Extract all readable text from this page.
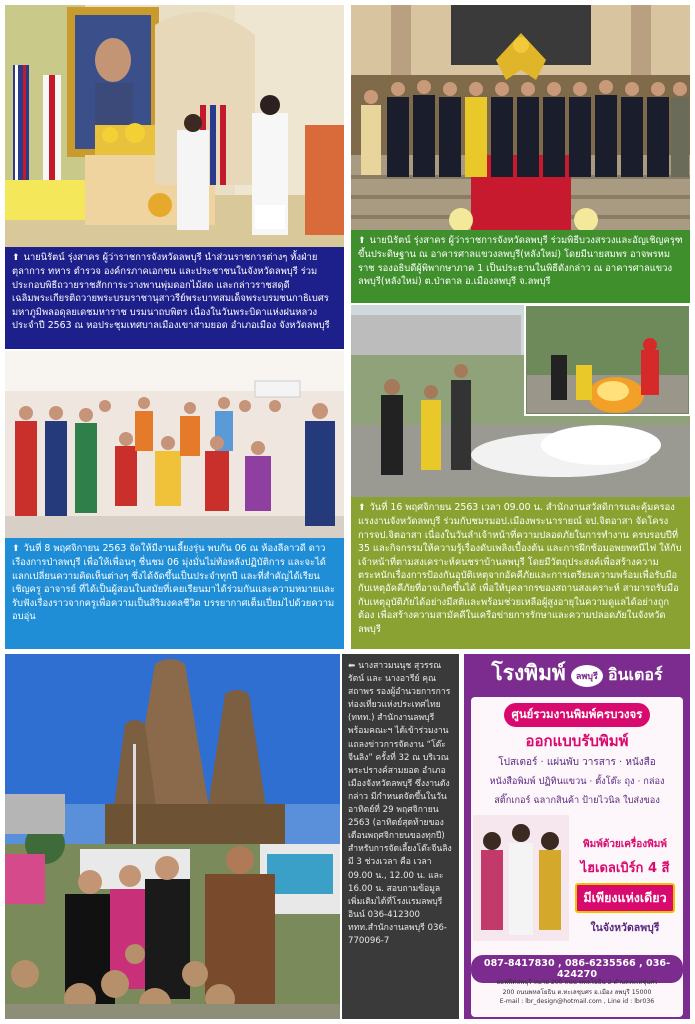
⬆ นายนิรัตน์ รุ่งสาคร ผู้ว่าราชการจังหวัดลพบุรี นำส่วนราชการต่างๆ ทั้งฝ่ายตุลาการ ทหาร ตำรวจ องค์กรภาคเอกชน และประชาชนในจังหวัดลพบุรี ร่วมประกอบพิธีถวายราชสักการะวางพานพุ่มดอกไม้สด และกล่าวราชสดุดีเฉลิมพระเกียรติถวายพระบรมราชานุสาวรีย์พระบาทสมเด็จพระบรมชนกาธิเบศร มหาภูมิพลอดุลยเดชมหาราช บรมนาถบพิตร เนื่องในวันพระบิดาแห่งฝนหลวง ประจำปี 2563 ณ หอประชุมเทศบาลเมืองเขาสามยอด อำเภอเมือง จังหวัดลพบุรี
⬆ นายนิรัตน์ รุ่งสาคร ผู้ว่าราชการจังหวัดลพบุรี ร่วมพิธีบวงสรวงและอัญเชิญครุฑขึ้นประดิษฐาน ณ อาคารศาลแขวงลพบุรี(หลังใหม่) โดยมีนายสมพร อาจพรหมราช รองอธิบดีผู้พิพากษาภาค 1 เป็นประธานในพิธีดังกล่าว ณ อาคารศาลแขวงลพบุรี(หลังใหม่) ต.ป่าตาล อ.เมืองลพบุรี จ.ลพบุรี
⬆ วันที่ 8 พฤศจิกายน 2563 จัดให้มีงานเลี้ยงรุ่น พบกัน 06 ณ ห้องลีลาวดี ดาวเรืองการป่าลพบุรี เพื่อให้เพื่อนๆ ชื่นชม 06 มุ่งมั่นไม่ท้อหลังปฏิบัติการ และจะได้แลกเปลี่ยนความคิดเห็นต่างๆ ซึ่งได้จัดขึ้นเป็นประจำทุกปี และที่สำคัญได้เรียนเชิญครู อาจารย์ ที่ได้เป็นผู้สอนในสมัยที่เคยเรียนมาได้ร่วมกันและความหมายและรับฟังเรื่องราวจากครูเพื่อความเป็นสิริมงคลชีวิต บรรยากาศเต็มเปี่ยมไปด้วยความอบอุ่น
⬆ วันที่ 16 พฤศจิกายน 2563 เวลา 09.00 น. สำนักงานสวัสดิการและคุ้มครองแรงงานจังหวัดลพบุรี ร่วมกับชมรมอป.เมืองพระนารายณ์ จป.จิตอาสา จัดโครงการจป.จิตอาสา เนื่องในวันลำเจ้าหน้าที่ความปลอดภัยในการทำงาน ครบรอบปีที่ 35 และกิจกรรมให้ความรู้เรื่องดับเพลิงเบื้องต้น และการฝึกซ้อมอพยพหนีไฟ ให้กับเจ้าหน้าที่ตามสงเคราะห์คนชราบ้านลพบุรี โดยมีวัตถุประสงค์เพื่อสร้างความตระหนักเรื่องการป้องกันอุบัติเหตุจากอัคคีภัยและการเตรียมความพร้อมเพื่อรับมือกับเหตุอัคคีภัยที่อาจเกิดขึ้นได้ เพื่อให้บุคลากรของสถานสงเคราะห์ สามารถรับมือกับเหตุอุบัติภัยได้อย่างมีสติและพร้อมช่วยเหลือผู้สูงอายุในความดูแลได้อย่างถูกต้อง เพื่อสร้างความสามัคคีในเครือข่ายการรักษาและความปลอดภัยในจังหวัดลพบุรี
⬅ นางสาวมนนุช สุวรรณรัตน์ และ นางอารีย์ คุณสถาพร รองผู้อำนวยการการท่องเที่ยวแห่งประเทศไทย (ททท.) สำนักงานลพบุรี พร้อมคณะฯ ได้เข้าร่วมงานแถลงข่าวการจัดงาน “โต๊ะจีนลิง” ครั้งที่ 32 ณ บริเวณพระปรางค์สามยอด อำเภอเมืองจังหวัดลพบุรี ซึ่งงานดังกล่าว มีกำหนดจัดขึ้นในวันอาทิตย์ที่ 29 พฤศจิกายน 2563 (อาทิตย์สุดท้ายของเดือนพฤศจิกายนของทุกปี) สำหรับการจัดเลี้ยงโต๊ะจีนลิงมี 3 ช่วงเวลา คือ เวลา 09.00 น., 12.00 น. และ 16.00 น. สอบถามข้อมูลเพิ่มเติมได้ที่โรงแรมลพบุรีอินน์ 036-412300 ททท.สำนักงานลพบุรี 036-770096-7
โรงพิมพ์ ลพบุรี อินเตอร์
ศูนย์รวมงานพิมพ์ครบวงจร
ออกแบบรับพิมพ์
โปสเตอร์ · แผ่นพับ วารสาร · หนังสือ
หนังสือพิมพ์ ปฏิทินแขวน · ตั้งโต๊ะ ถุง · กล่อง
สติ๊กเกอร์ ฉลากสินค้า ป้ายไวนิล ใบส่งของ
พิมพ์ด้วยเครื่องพิมพ์
ไฮเดลเบิร์ก 4 สี
มีเพียงแห่งเดียว
ในจังหวัดลพบุรี
087-8417830 , 086-6235566 , 036-424270
ออฟฟิศลพบุรี หมาย 200 ถนน พหลโยธิน 2 ตำบลทะเลชุบศร
200 ถนนพหลโยธิน ต.ทะเลชุบศร อ.เมือง ลพบุรี 15000
E-mail : lbr_design@hotmail.com , Line id : lbr036
